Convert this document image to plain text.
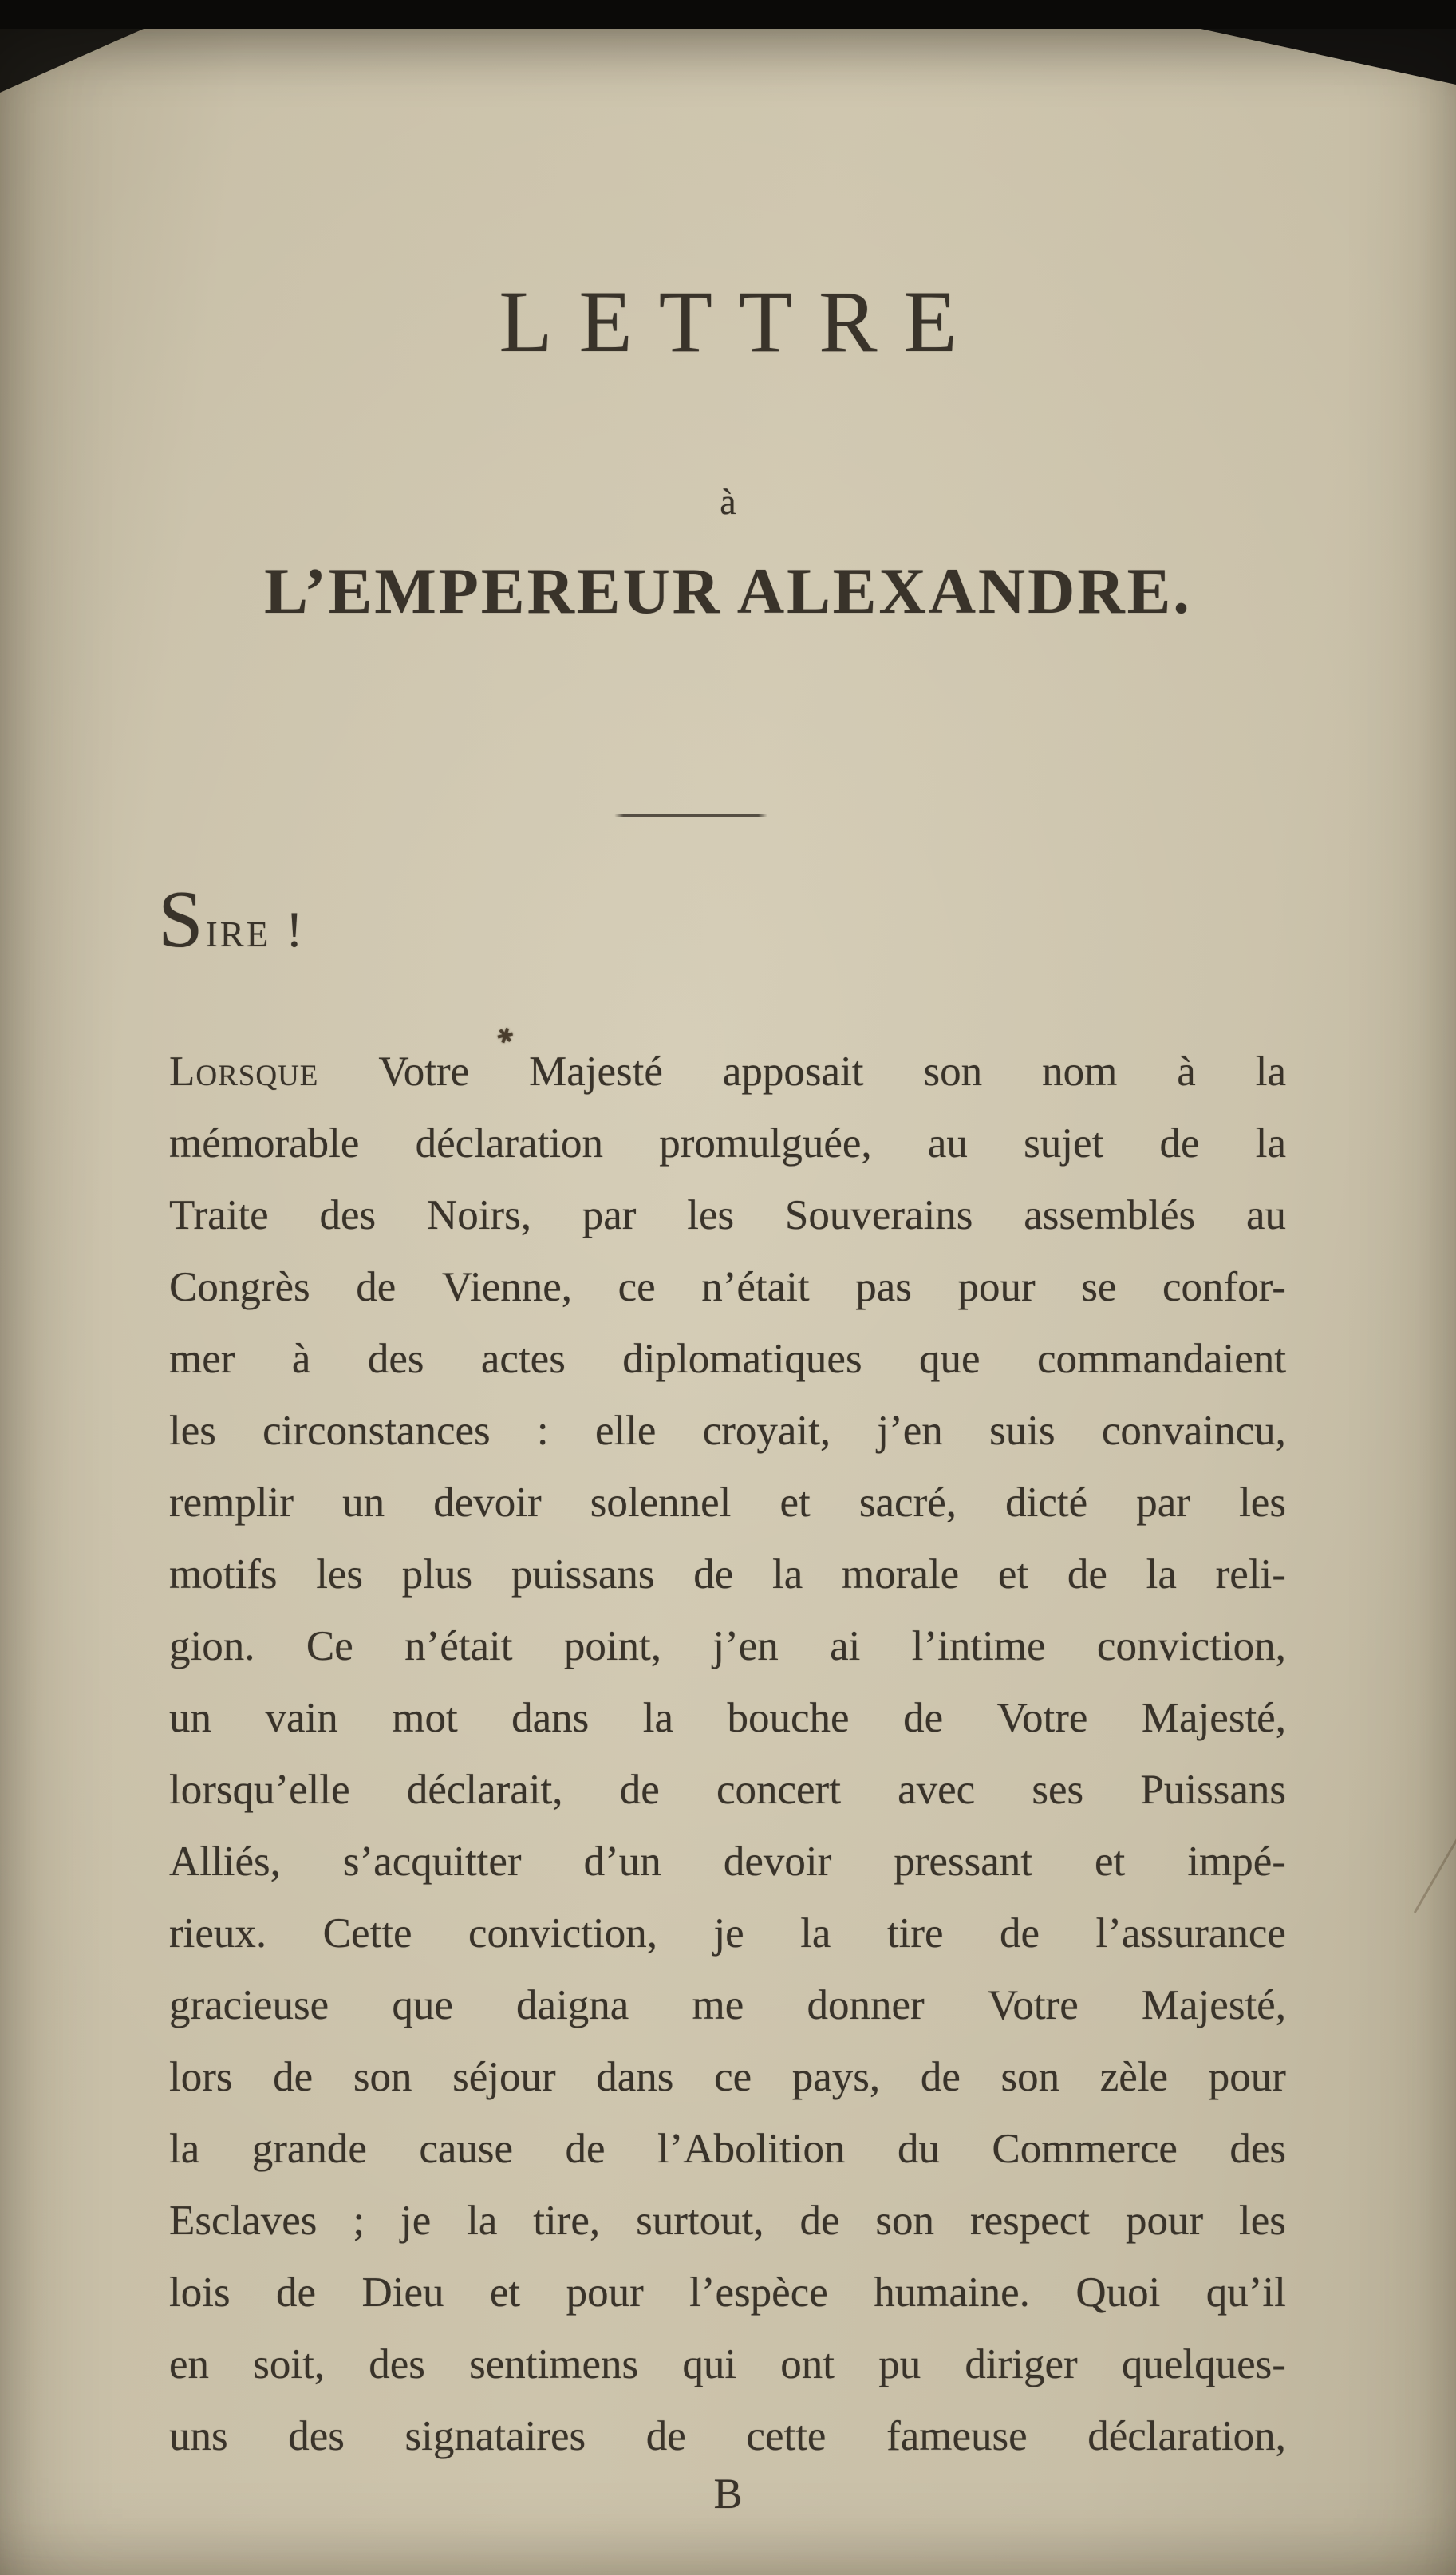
LETTRE
à
L’EMPEREUR ALEXANDRE.
Sire !
✱
Lorsque Votre Majesté apposait son nom à la
mémorable déclaration promulguée, au sujet de la
Traite des Noirs, par les Souverains assemblés au
Congrès de Vienne, ce n’était pas pour se confor-
mer à des actes diplomatiques que commandaient
les circonstances : elle croyait, j’en suis convaincu,
remplir un devoir solennel et sacré, dicté par les
motifs les plus puissans de la morale et de la reli-
gion. Ce n’était point, j’en ai l’intime conviction,
un vain mot dans la bouche de Votre Majesté,
lorsqu’elle déclarait, de concert avec ses Puissans
Alliés, s’acquitter d’un devoir pressant et impé-
rieux. Cette conviction, je la tire de l’assurance
gracieuse que daigna me donner Votre Majesté,
lors de son séjour dans ce pays, de son zèle pour
la grande cause de l’Abolition du Commerce des
Esclaves ; je la tire, surtout, de son respect pour les
lois de Dieu et pour l’espèce humaine. Quoi qu’il
en soit, des sentimens qui ont pu diriger quelques-
uns des signataires de cette fameuse déclaration,
B
